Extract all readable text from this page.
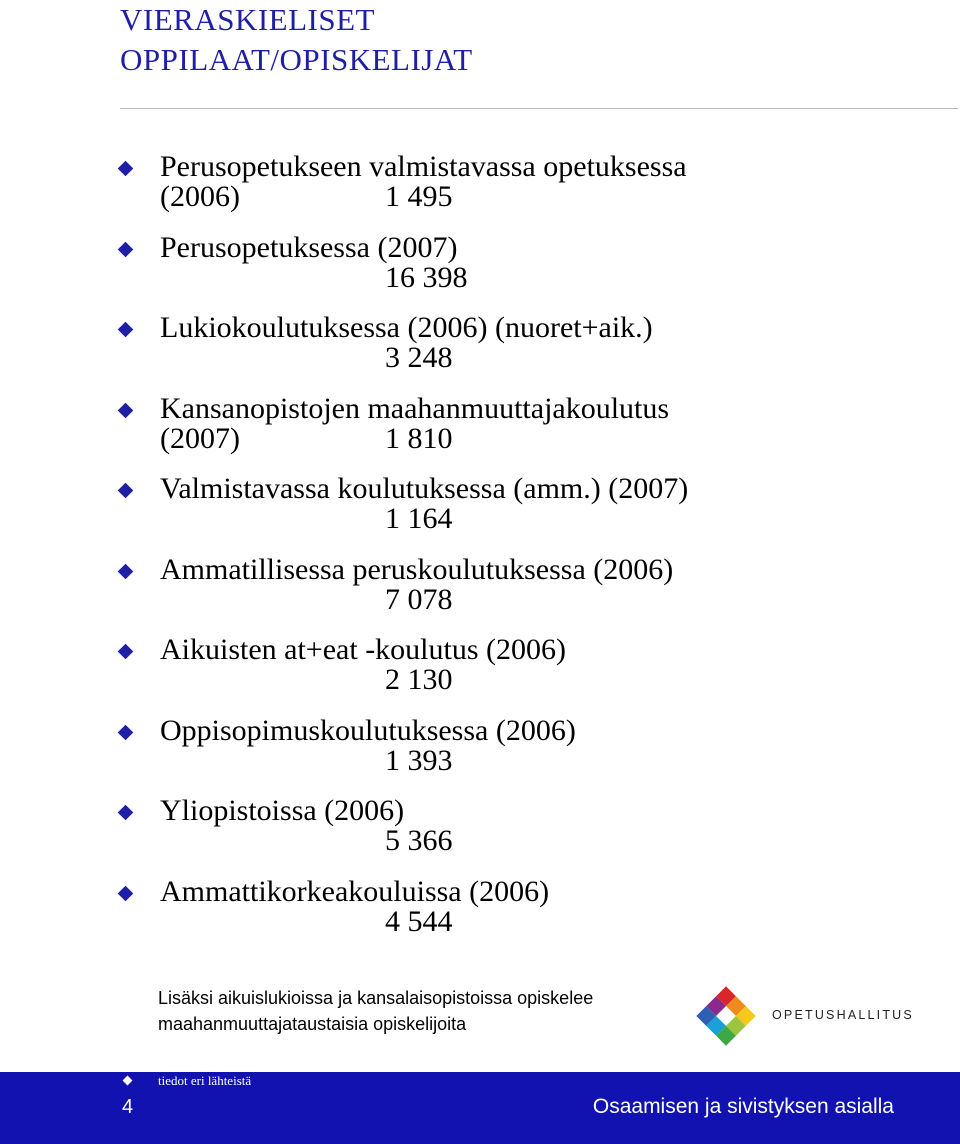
VIERASKIELISET
OPPILAAT/OPISKELIJAT
Perusopetukseen valmistavassa opetuksessa
(2006)	1 495
Perusopetuksessa (2007)
16 398
Lukiokoulutuksessa (2006) (nuoret+aik.)
3 248
Kansanopistojen maahanmuuttajakoulutus
(2007)	1 810
Valmistavassa koulutuksessa (amm.) (2007)
1 164
Ammatillisessa peruskoulutuksessa (2006)
7 078
Aikuisten at+eat -koulutus (2006)
2 130
Oppisopimuskoulutuksessa (2006)
1 393
Yliopistoissa (2006)
5 366
Ammattikorkeakouluissa (2006)
4 544
Lisäksi aikuislukioissa ja kansalaisopistoissa opiskelee
maahanmuuttajataustaisia opiskelijoita	OPETUSHALLITUS
tiedot eri lähteistä
4	Osaamisen ja sivistyksen asialla
